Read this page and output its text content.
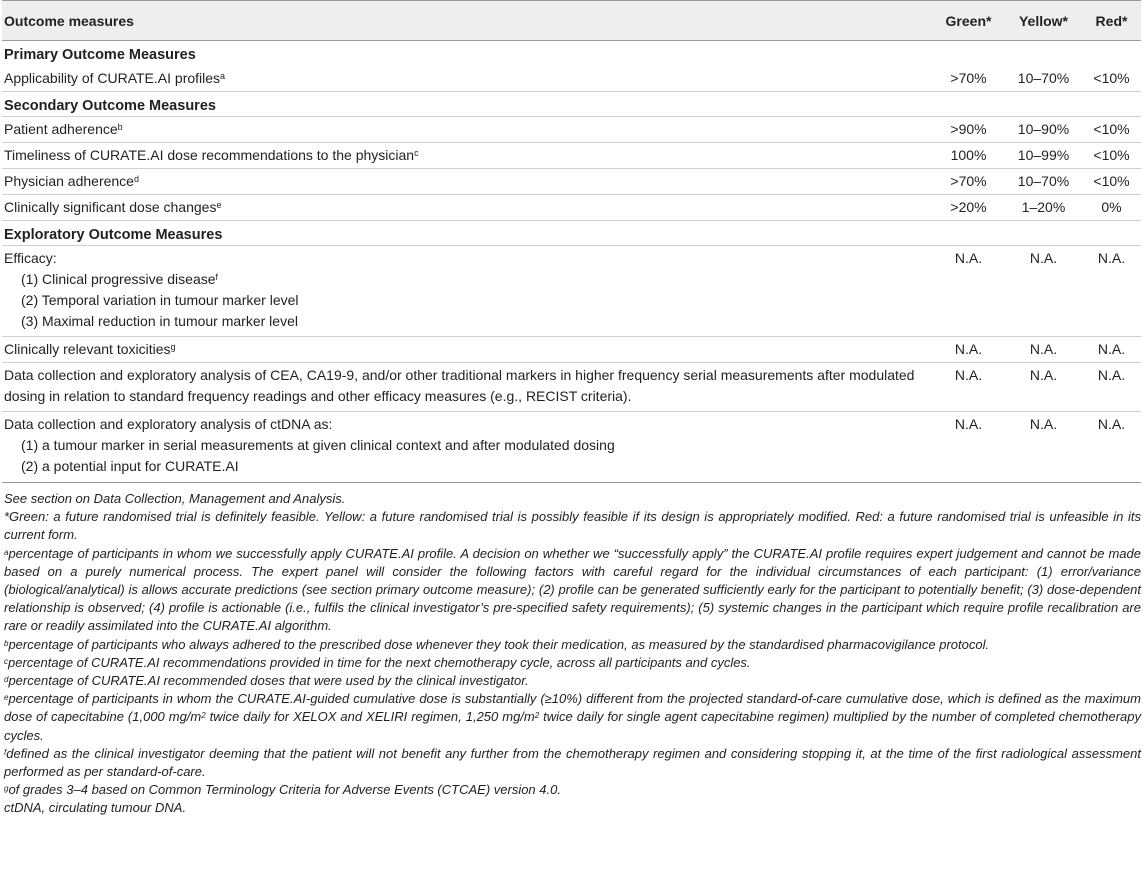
Outcome measures	Green*	Yellow*	Red*
Primary Outcome Measures			
Applicability of CURATE.AI profiles$^a$	>70%	10–70%	<10%
Secondary Outcome Measures			
Patient adherence$^b$	>90%	10–90%	<10%
Timeliness of CURATE.AI dose recommendations to the physician$^c$	100%	10–99%	<10%
Physician adherence$^d$	>70%	10–70%	<10%
Clinically significant dose changes$^e$	>20%	1–20%	0%
Exploratory Outcome Measures			
Efficacy:
(1) Clinical progressive disease$^f$
(2) Temporal variation in tumour marker level
(3) Maximal reduction in tumour marker level	N.A.	N.A.	N.A.
Clinically relevant toxicities$^g$	N.A.	N.A.	N.A.
Data collection and exploratory analysis of CEA, CA19-9, and/or other traditional markers in higher frequency serial measurements after modulated dosing in relation to standard frequency readings and other efficacy measures (e.g., RECIST criteria).	N.A.	N.A.	N.A.
Data collection and exploratory analysis of ctDNA as:
(1) a tumour marker in serial measurements at given clinical context and after modulated dosing
(2) a potential input for CURATE.AI	N.A.	N.A.	N.A.

See section on Data Collection, Management and Analysis.

*Green: a future randomised trial is definitely feasible. Yellow: a future randomised trial is possibly feasible if its design is appropriately modified. Red: a future randomised trial is unfeasible in its current form.

$^a$percentage of participants in whom we successfully apply CURATE.AI profile. A decision on whether we “successfully apply” the CURATE.AI profile requires expert judgement and cannot be made based on a purely numerical process. The expert panel will consider the following factors with careful regard for the individual circumstances of each participant: (1) error/variance (biological/analytical) is allows accurate predictions (see section primary outcome measure); (2) profile can be generated sufficiently early for the participant to potentially benefit; (3) dose-dependent relationship is observed; (4) profile is actionable (i.e., fulfils the clinical investigator’s pre-specified safety requirements); (5) systemic changes in the participant which require profile recalibration are rare or readily assimilated into the CURATE.AI algorithm.

$^b$percentage of participants who always adhered to the prescribed dose whenever they took their medication, as measured by the standardised pharmacovigilance protocol.

$^c$percentage of CURATE.AI recommendations provided in time for the next chemotherapy cycle, across all participants and cycles.

$^d$percentage of CURATE.AI recommended doses that were used by the clinical investigator.

$^e$percentage of participants in whom the CURATE.AI-guided cumulative dose is substantially (≥10%) different from the projected standard-of-care cumulative dose, which is defined as the maximum dose of capecitabine (1,000 $mg/m^2$ twice daily for XELOX and XELIRI regimen, 1,250 $mg/m^2$ twice daily for single agent capecitabine regimen) multiplied by the number of completed chemotherapy cycles.

$^f$defined as the clinical investigator deeming that the patient will not benefit any further from the chemotherapy regimen and considering stopping it, at the time of the first radiological assessment performed as per standard-of-care.

$^g$of grades 3–4 based on Common Terminology Criteria for Adverse Events (CTCAE) version 4.0.

ctDNA, circulating tumour DNA.
